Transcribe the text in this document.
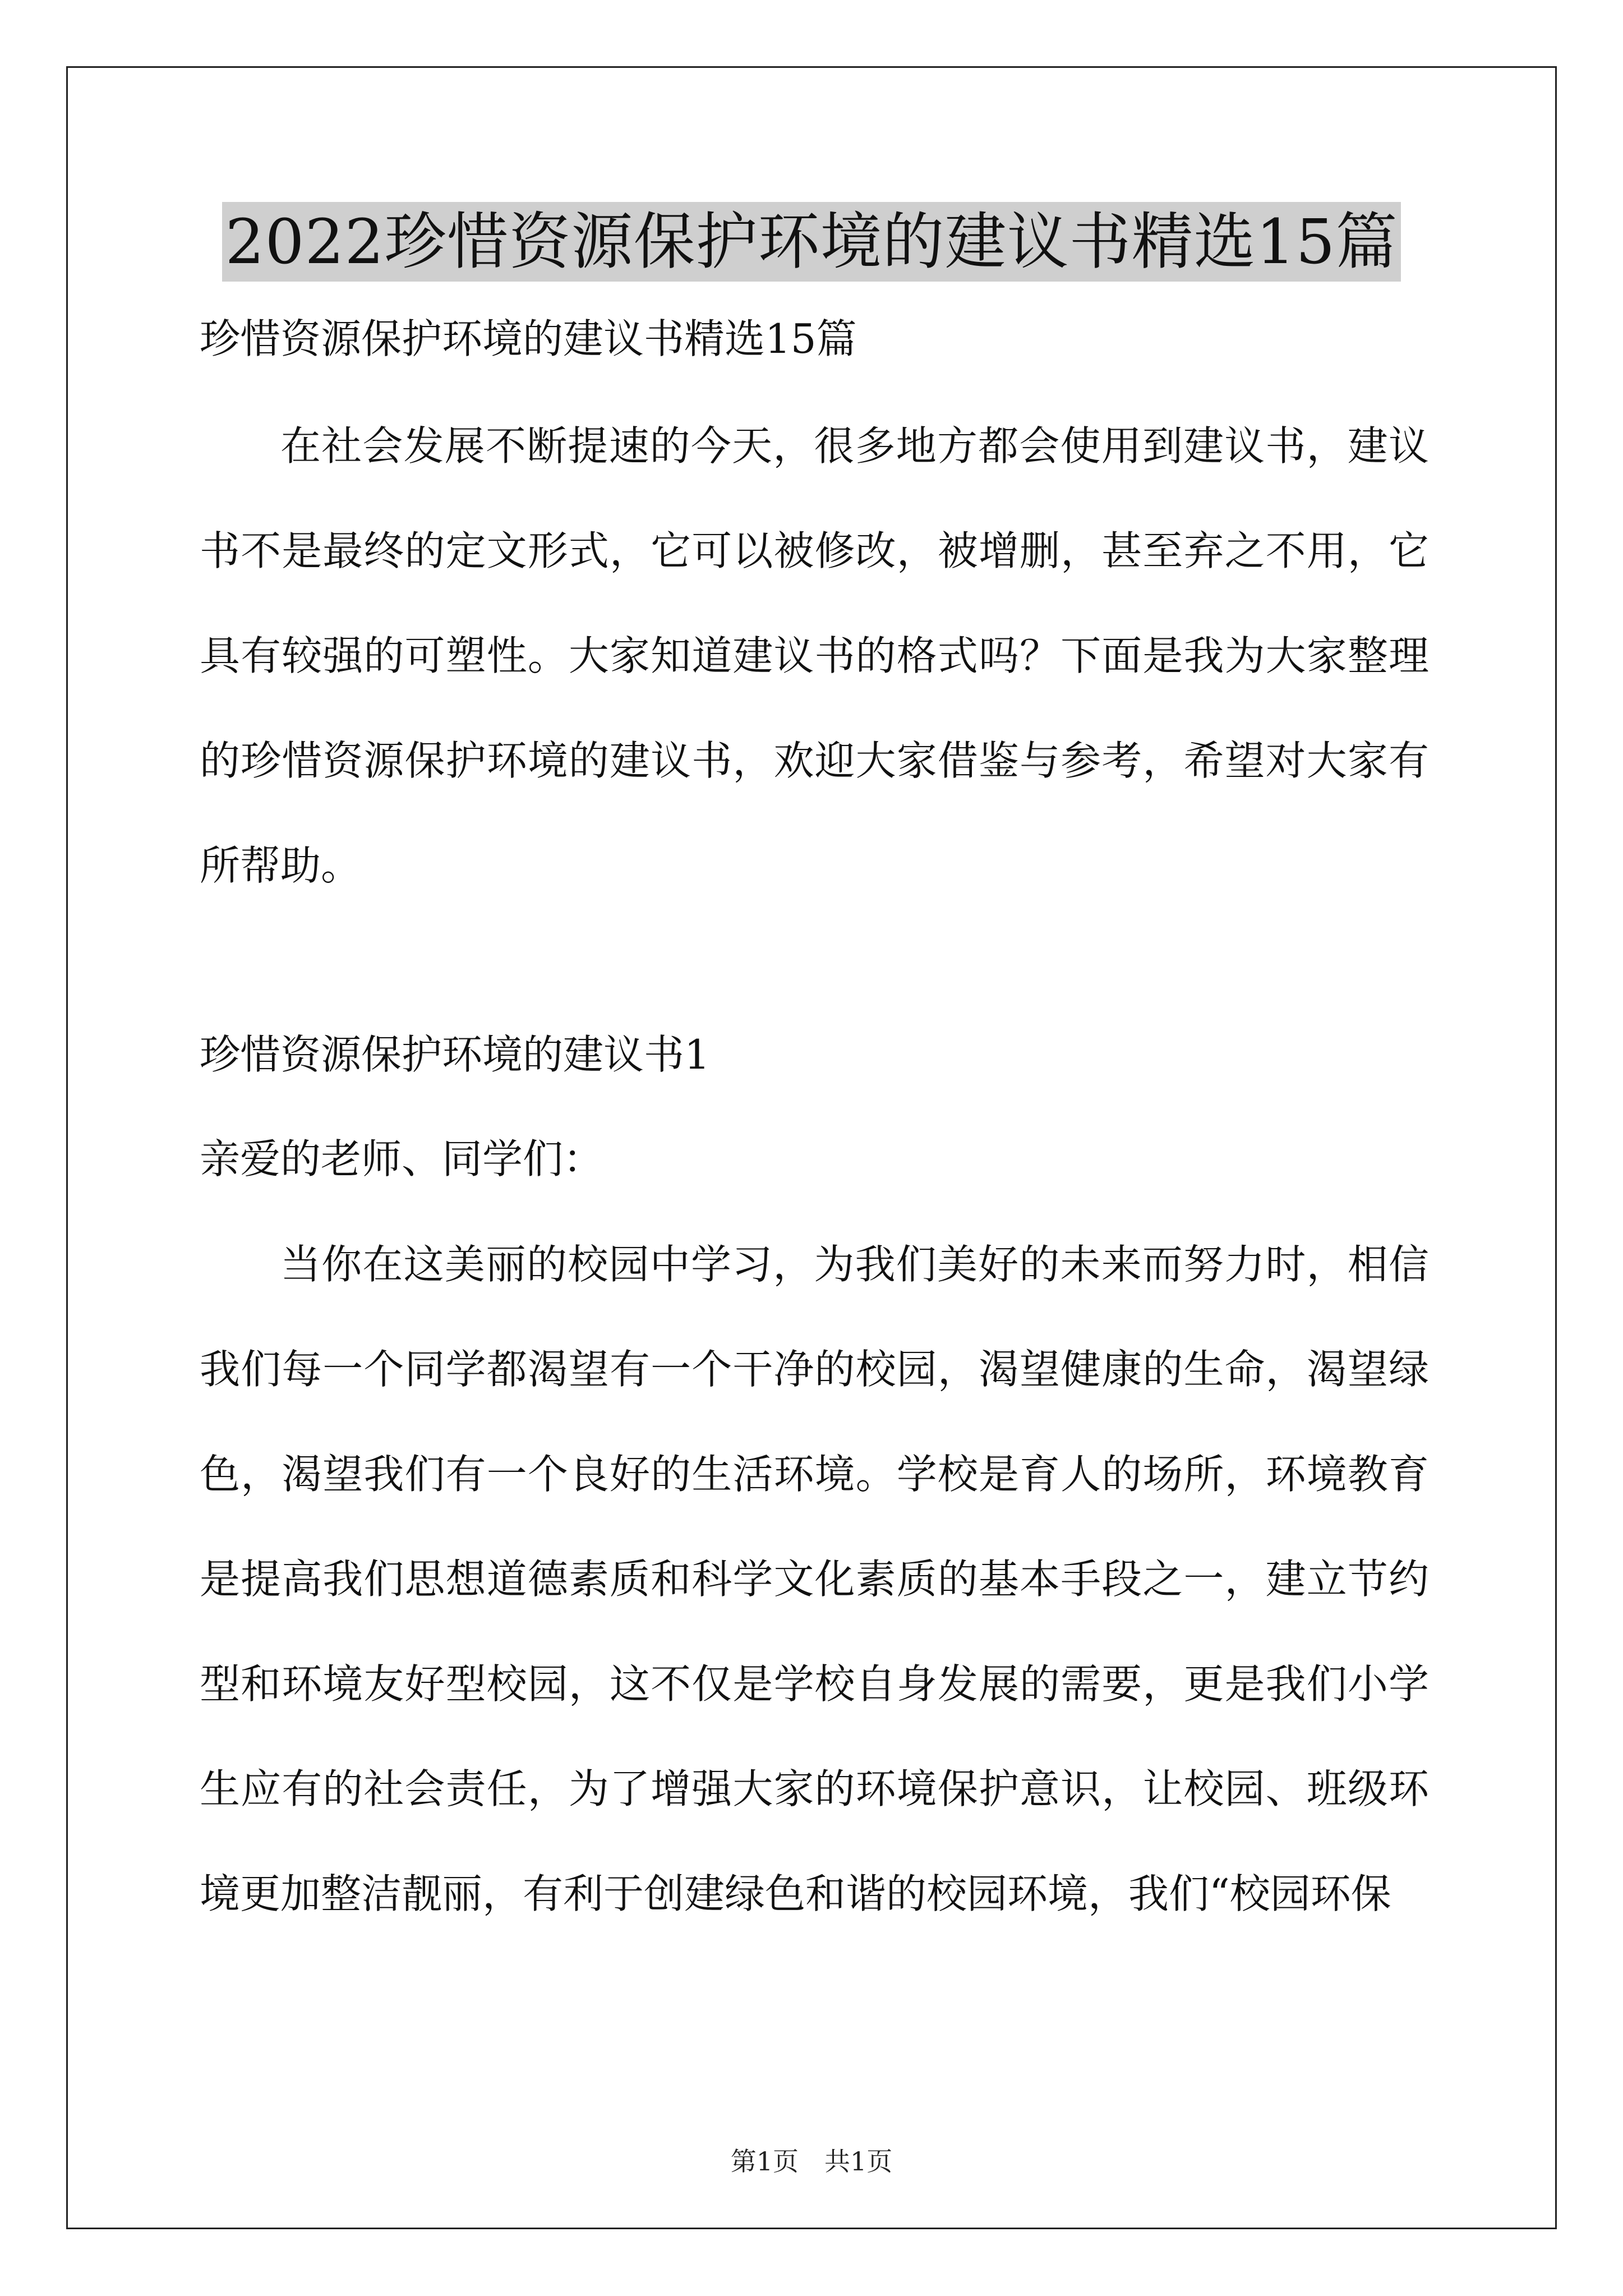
2022珍惜资源保护环境的建议书精选15篇

珍惜资源保护环境的建议书精选15篇

在社会发展不断提速的今天，很多地方都会使用到建议书，建议书不是最终的定文形式，它可以被修改，被增删，甚至弃之不用，它具有较强的可塑性。大家知道建议书的格式吗？下面是我为大家整理的珍惜资源保护环境的建议书，欢迎大家借鉴与参考，希望对大家有所帮助。

珍惜资源保护环境的建议书1

亲爱的老师、同学们：

当你在这美丽的校园中学习，为我们美好的未来而努力时，相信我们每一个同学都渴望有一个干净的校园，渴望健康的生命，渴望绿色，渴望我们有一个良好的生活环境。学校是育人的场所，环境教育是提高我们思想道德素质和科学文化素质的基本手段之一，建立节约型和环境友好型校园，这不仅是学校自身发展的需要，更是我们小学生应有的社会责任，为了增强大家的环境保护意识，让校园、班级环境更加整洁靓丽，有利于创建绿色和谐的校园环境，我们“校园环保

第1页　共1页
